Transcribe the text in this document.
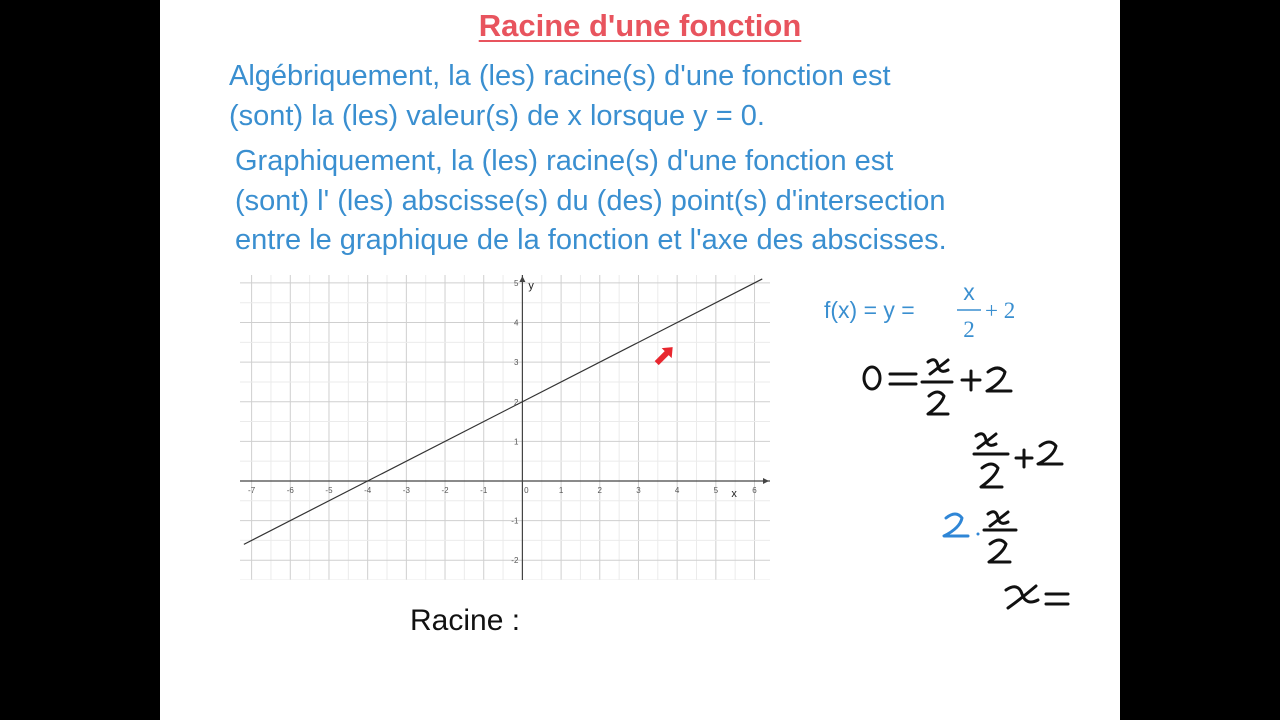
Racine d'une fonction
Algébriquement, la (les) racine(s) d'une fonction est
(sont) la (les) valeur(s) de x lorsque y = 0.
Graphiquement, la (les) racine(s) d'une fonction est
(sont) l' (les) abscisse(s) du (des) point(s) d'intersection
entre le graphique de la fonction et l'axe des abscisses.
-7	-6	-5	-4	-3	-2	-1	0	1	2	3	4	5	6
-2
-1
1
2
3
4
5
x
y
Racine :
f(x) = y =
x
2
+ 2
